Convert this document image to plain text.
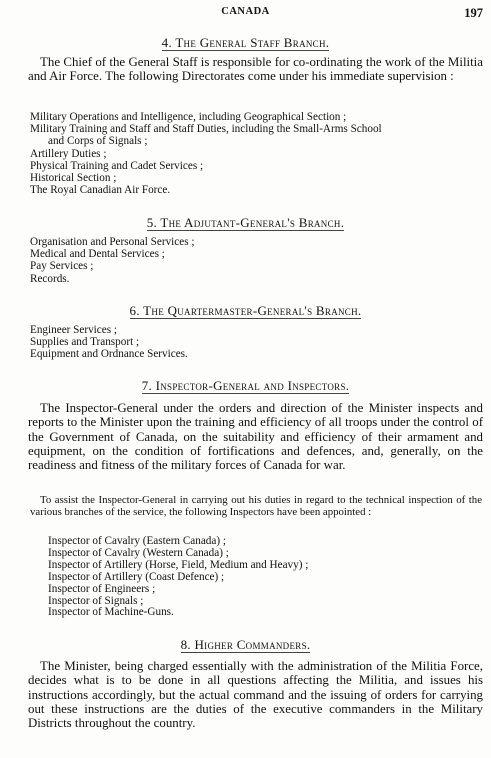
CANADA	197
4. The General Staff Branch.

The Chief of the General Staff is responsible for co-ordinating the work of the Militia and Air Force. The following Directorates come under his immediate supervision :

Military Operations and Intelligence, including Geographical Section ;
Military Training and Staff and Staff Duties, including the Small-Arms School
and Corps of Signals ;
Artillery Duties ;
Physical Training and Cadet Services ;
Historical Section ;
The Royal Canadian Air Force.
5. The Adjutant-General's Branch.
Organisation and Personal Services ;
Medical and Dental Services ;
Pay Services ;
Records.
6. The Quartermaster-General's Branch.
Engineer Services ;
Supplies and Transport ;
Equipment and Ordnance Services.
7. Inspector-General and Inspectors.

The Inspector-General under the orders and direction of the Minister inspects and reports to the Minister upon the training and efficiency of all troops under the control of the Government of Canada, on the suitability and efficiency of their armament and equipment, on the condition of fortifications and defences, and, generally, on the readiness and fitness of the military forces of Canada for war.

To assist the Inspector-General in carrying out his duties in regard to the technical inspection of the various branches of the service, the following Inspectors have been appointed :

Inspector of Cavalry (Eastern Canada) ;
Inspector of Cavalry (Western Canada) ;
Inspector of Artillery (Horse, Field, Medium and Heavy) ;
Inspector of Artillery (Coast Defence) ;
Inspector of Engineers ;
Inspector of Signals ;
Inspector of Machine-Guns.
8. Higher Commanders.

The Minister, being charged essentially with the administration of the Militia Force, decides what is to be done in all questions affecting the Militia, and issues his instructions accordingly, but the actual command and the issuing of orders for carrying out these instructions are the duties of the executive commanders in the Military Districts throughout the country.
